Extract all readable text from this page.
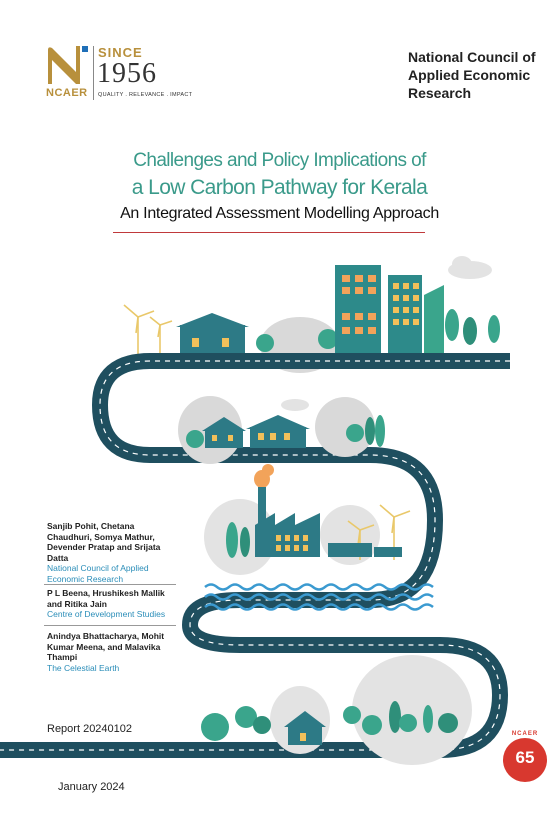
NCAER
SINCE
1956
QUALITY . RELEVANCE . IMPACT
National Council of Applied Economic Research
Challenges and Policy Implications of
a Low Carbon Pathway for Kerala
An Integrated Assessment Modelling Approach
Sanjib Pohit, Chetana Chaudhuri, Somya Mathur, Devender Pratap and Srijata Datta
National Council of Applied Economic Research
P L Beena, Hrushikesh Mallik and Ritika Jain
Centre of Development Studies
Anindya Bhattacharya, Mohit Kumar Meena, and Malavika Thampi
The Celestial Earth
Report 20240102
January 2024
NCAER
65
